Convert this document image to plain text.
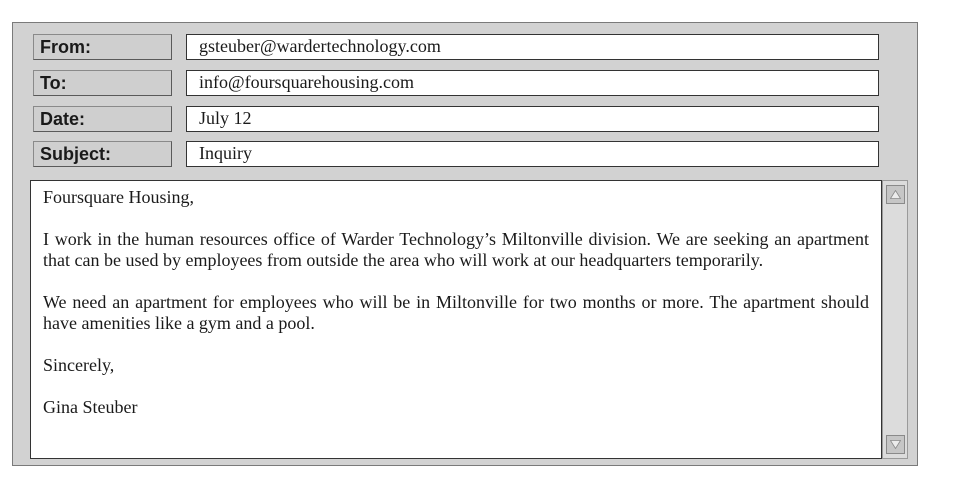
From:	gsteuber@wardertechnology.com
To:	info@foursquarehousing.com
Date:	July 12
Subject:	Inquiry

Foursquare Housing,

I work in the human resources office of Warder Technology’s Miltonville division. We are seeking an apartment that can be used by employees from outside the area who will work at our headquarters temporarily.

We need an apartment for employees who will be in Miltonville for two months or more. The apartment should have amenities like a gym and a pool.

Sincerely,

Gina Steuber
